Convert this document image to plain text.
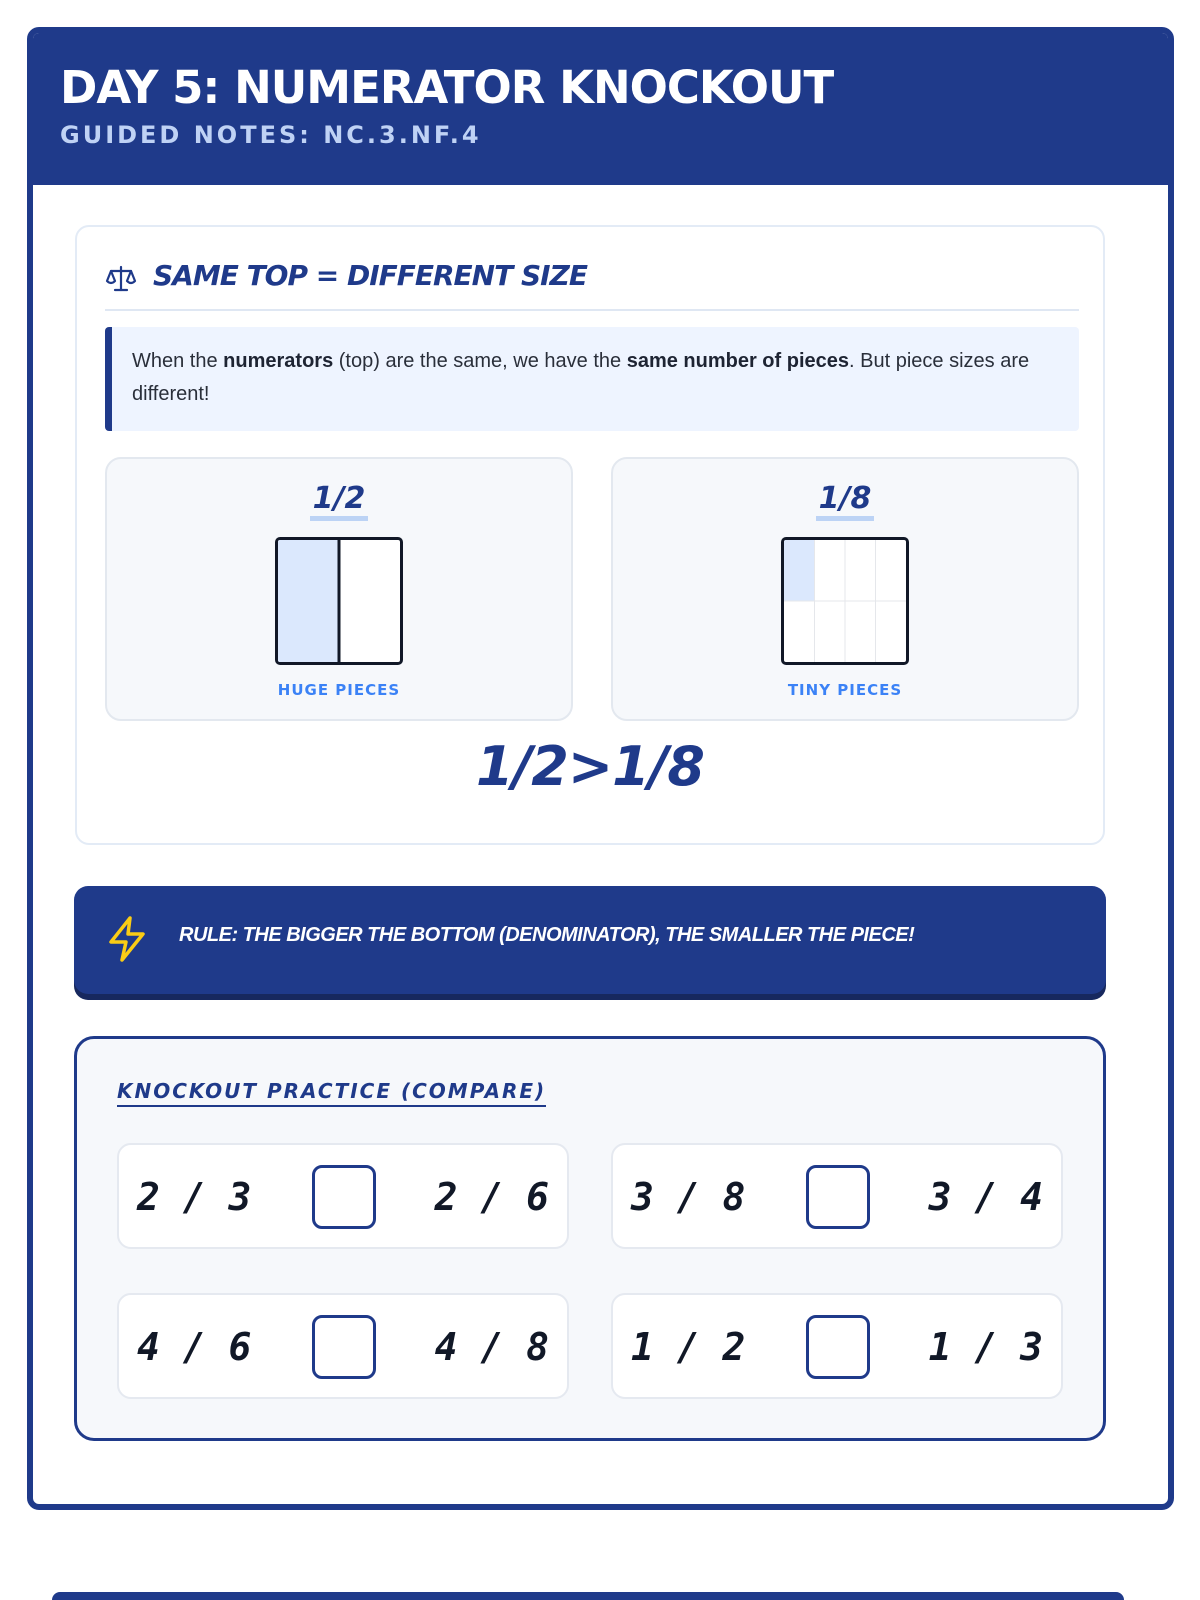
DAY 5: NUMERATOR KNOCKOUT
GUIDED NOTES: NC.3.NF.4
SAME TOP = DIFFERENT SIZE
When the numerators (top) are the same, we have the same number of pieces. But piece sizes are different!
1/2
HUGE PIECES
1/8
TINY PIECES
1/2>1/8
RULE: THE BIGGER THE BOTTOM (DENOMINATOR), THE SMALLER THE PIECE!
KNOCKOUT PRACTICE (COMPARE)
2 / 3	2 / 6 3 / 8	3 / 4
4 / 6	4 / 8 1 / 2	1 / 3
